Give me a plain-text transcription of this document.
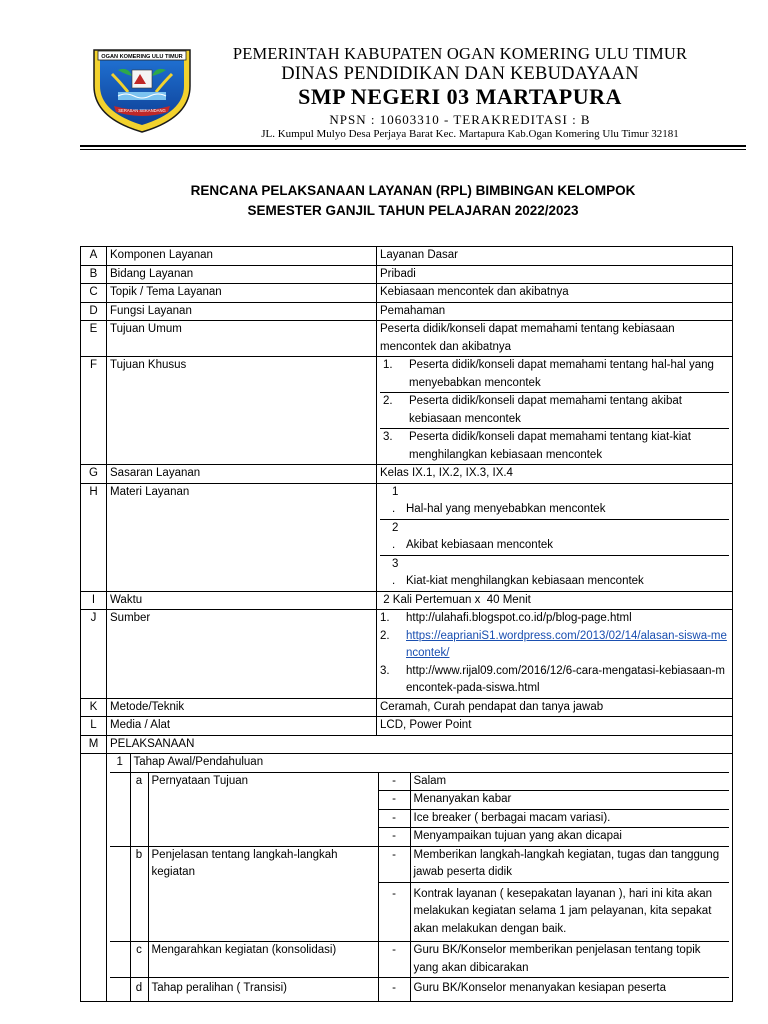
OGAN KOMERING ULU TIMUR
SERASAN SEKANDANG
PEMERINTAH KABUPATEN OGAN KOMERING ULU TIMUR
DINAS PENDIDIKAN DAN KEBUDAYAAN
SMP NEGERI 03 MARTAPURA
NPSN : 10603310 - TERAKREDITASI : B
JL. Kumpul Mulyo Desa Perjaya Barat Kec. Martapura Kab.Ogan Komering Ulu Timur 32181
RENCANA PELAKSANAAN LAYANAN (RPL) BIMBINGAN KELOMPOK
SEMESTER GANJIL TAHUN PELAJARAN 2022/2023
A	Komponen Layanan	Layanan Dasar
B	Bidang Layanan	Pribadi
C	Topik / Tema Layanan	Kebiasaan mencontek dan akibatnya
D	Fungsi Layanan	Pemahaman
E	Tujuan Umum	Peserta didik/konseli dapat memahami tentang kebiasaan mencontek dan akibatnya
F	Tujuan Khusus		1.	Peserta didik/konseli dapat memahami tentang hal-hal yang menyebabkan mencontek

2.	Peserta didik/konseli dapat memahami tentang akibat kebiasaan mencontek

3.	Peserta didik/konseli dapat memahami tentang kiat-kiat menghilangkan kebiasaan mencontek

G	Sasaran Layanan	Kelas IX.1, IX.2, IX.3, IX.4
H	Materi Layanan		1
. Hal-hal yang menyebabkan mencontek

2
. Akibat kebiasaan mencontek

3
. Kiat-kiat menghilangkan kebiasaan mencontek

I	Waktu	2 Kali Pertemuan x  40 Menit
J	Sumber	1.	http://ulahafi.blogspot.co.id/p/blog-page.html
2.	https://eaprianiS1.wordpress.com/2013/02/14/alasan-siswa-mencontek/
3.	http://www.rijal09.com/2016/12/6-cara-mengatasi-kebiasaan-mencontek-pada-siswa.html

K	Metode/Teknik	Ceramah, Curah pendapat dan tanya jawab
L	Media / Alat	LCD, Power Point
M	PELAKSANAAN

1	Tahap Awal/Pendahuluan
	a	Pernyataan Tujuan	-	Salam
-	Menanyakan kabar
-	Ice breaker ( berbagai macam variasi).
-	Menyampaikan tujuan yang akan dicapai
	b	Penjelasan tentang langkah-langkah kegiatan	-	Memberikan langkah-langkah kegiatan, tugas dan tanggung jawab peserta didik
-	Kontrak layanan ( kesepakatan layanan ), hari ini kita akan melakukan kegiatan selama 1 jam pelayanan, kita sepakat akan melakukan dengan baik.
	c	Mengarahkan kegiatan (konsolidasi)	-	Guru BK/Konselor memberikan penjelasan tentang topik yang akan dibicarakan
	d	Tahap peralihan ( Transisi)	-	Guru BK/Konselor menanyakan kesiapan peserta
